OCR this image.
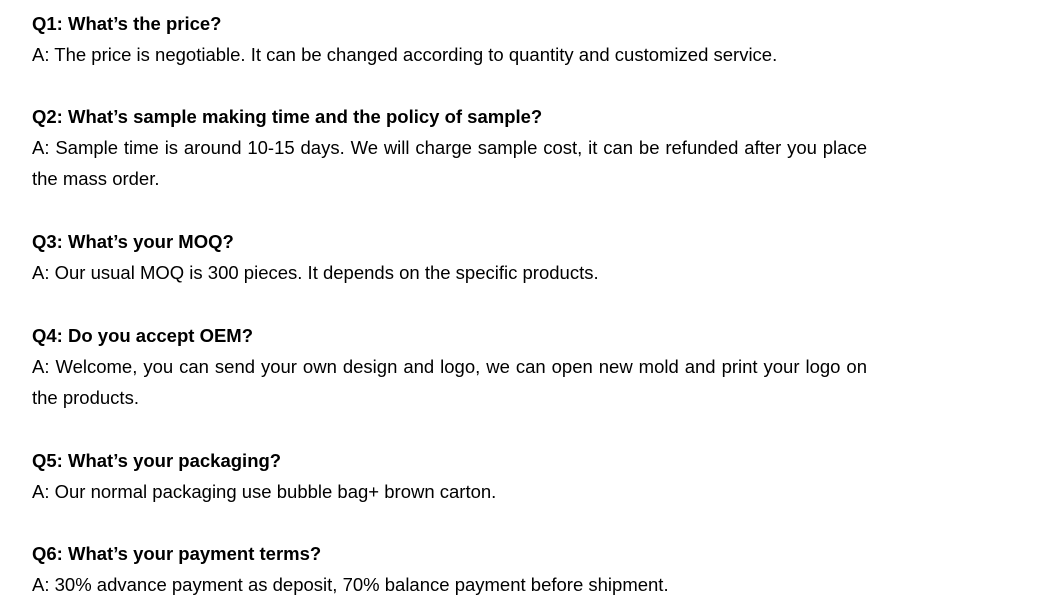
Q1: What’s the price?
A: The price is negotiable. It can be changed according to quantity and customized service.
Q2: What’s sample making time and the policy of sample?
A: Sample time is around 10-15 days. We will charge sample cost, it can be refunded after you place the mass order.
Q3: What’s your MOQ?
A: Our usual MOQ is 300 pieces. It depends on the specific products.
Q4: Do you accept OEM?
A: Welcome, you can send your own design and logo, we can open new mold and print your logo on the products.
Q5: What’s your packaging?
A: Our normal packaging use bubble bag+ brown carton.
Q6: What’s your payment terms?
A: 30% advance payment as deposit, 70% balance payment before shipment.
